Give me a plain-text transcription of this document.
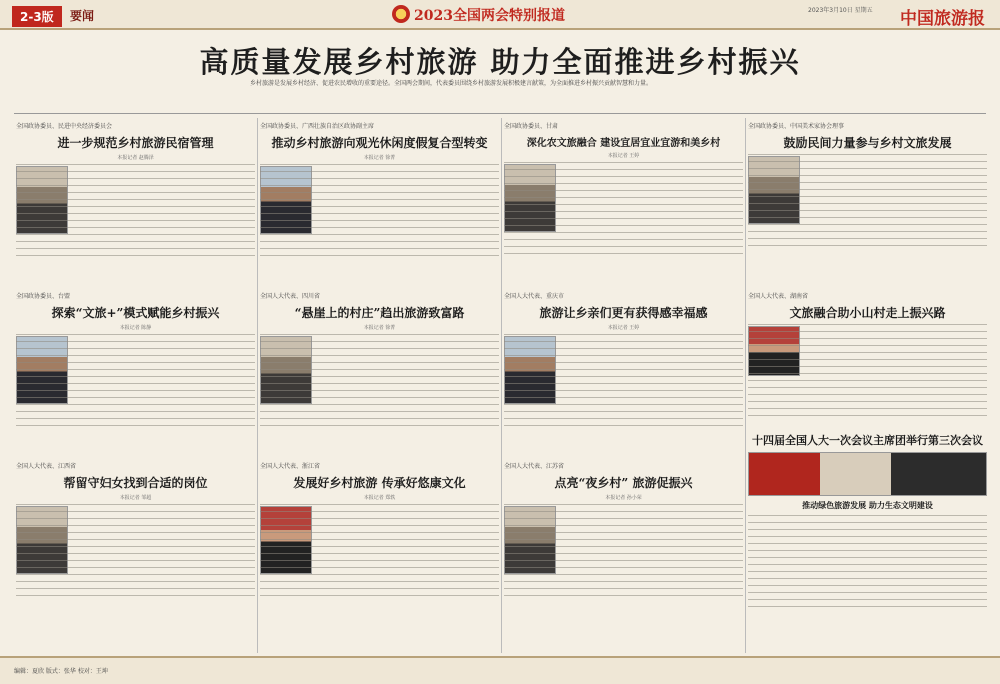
2-3版	要闻	2023全国两会特别报道	2023年3月10日 星期五	中国旅游报
高质量发展乡村旅游 助力全面推进乡村振兴
乡村旅游是发展乡村经济、促进农民增收的重要途径。全国两会期间，代表委员围绕乡村旅游发展积极建言献策，为全面推进乡村振兴贡献智慧和力量。
全国政协委员、民进中央经济委员会
进一步规范乡村旅游民宿管理
本报记者 赵腾泽
全国政协委员、台盟
探索“文旅+”模式赋能乡村振兴
本报记者 陈静
全国人大代表、江西省
帮留守妇女找到合适的岗位
本报记者 邹超
全国政协委员、广西壮族自治区政协副主席
推动乡村旅游向观光休闲度假复合型转变
本报记者 徐菁
全国人大代表、四川省
“悬崖上的村庄”趋出旅游致富路
本报记者 徐菁
全国人大代表、浙江省
发展好乡村旅游 传承好悠康文化
本报记者 郑轶
全国政协委员、甘肃
深化农文旅融合 建设宜居宜业宜游和美乡村
本报记者 王婷
全国人大代表、重庆市
旅游让乡亲们更有获得感幸福感
本报记者 王婷
全国人大代表、江苏省
点亮“夜乡村” 旅游促振兴
本报记者 孙小荣
全国政协委员、中国美术家协会理事
鼓励民间力量参与乡村文旅发展
全国人大代表、湖南省
文旅融合助小山村走上振兴路
十四届全国人大一次会议主席团举行第三次会议
推动绿色旅游发展 助力生态文明建设
编辑：夏欣 版式：张华 校对：王坤
